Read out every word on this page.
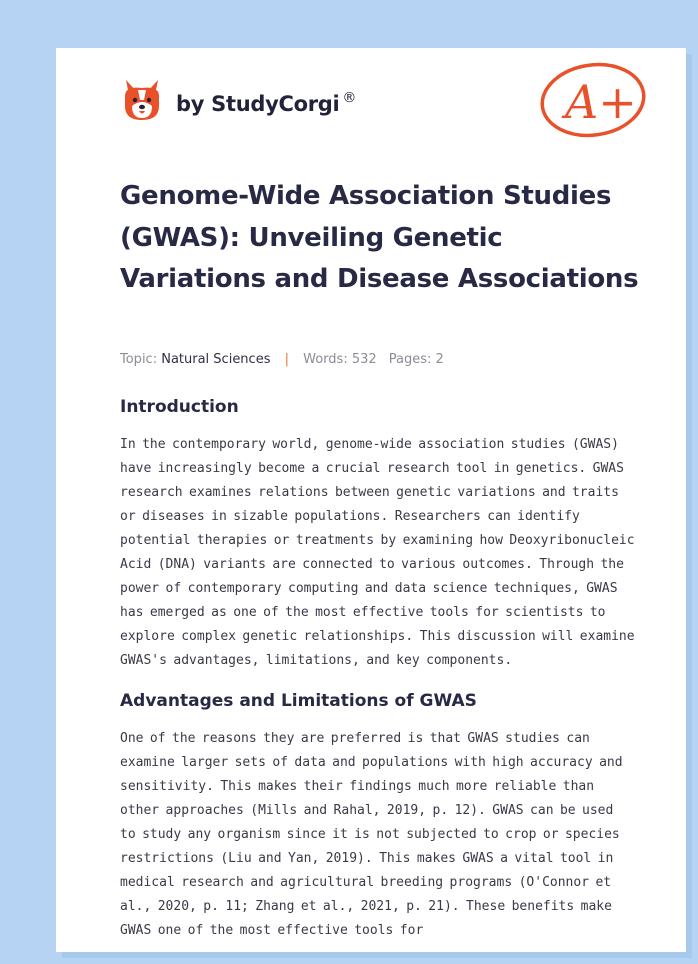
by StudyCorgi ®	A+
Genome-Wide Association Studies (GWAS): Unveiling Genetic Variations and Disease Associations
Topic: Natural Sciences | Words: 532 Pages: 2
Introduction

In the contemporary world, genome-wide association studies (GWAS) have increasingly become a crucial research tool in genetics. GWAS research examines relations between genetic variations and traits or diseases in sizable populations. Researchers can identify potential therapies or treatments by examining how Deoxyribonucleic Acid (DNA) variants are connected to various outcomes. Through the power of contemporary computing and data science techniques, GWAS has emerged as one of the most effective tools for scientists to explore complex genetic relationships. This discussion will examine GWAS's advantages, limitations, and key components.

Advantages and Limitations of GWAS

One of the reasons they are preferred is that GWAS studies can examine larger sets of data and populations with high accuracy and sensitivity. This makes their findings much more reliable than other approaches (Mills and Rahal, 2019, p. 12). GWAS can be used to study any organism since it is not subjected to crop or species restrictions (Liu and Yan, 2019). This makes GWAS a vital tool in medical research and agricultural breeding programs (O'Connor et al., 2020, p. 11; Zhang et al., 2021, p. 21). These benefits make GWAS one of the most effective tools for
